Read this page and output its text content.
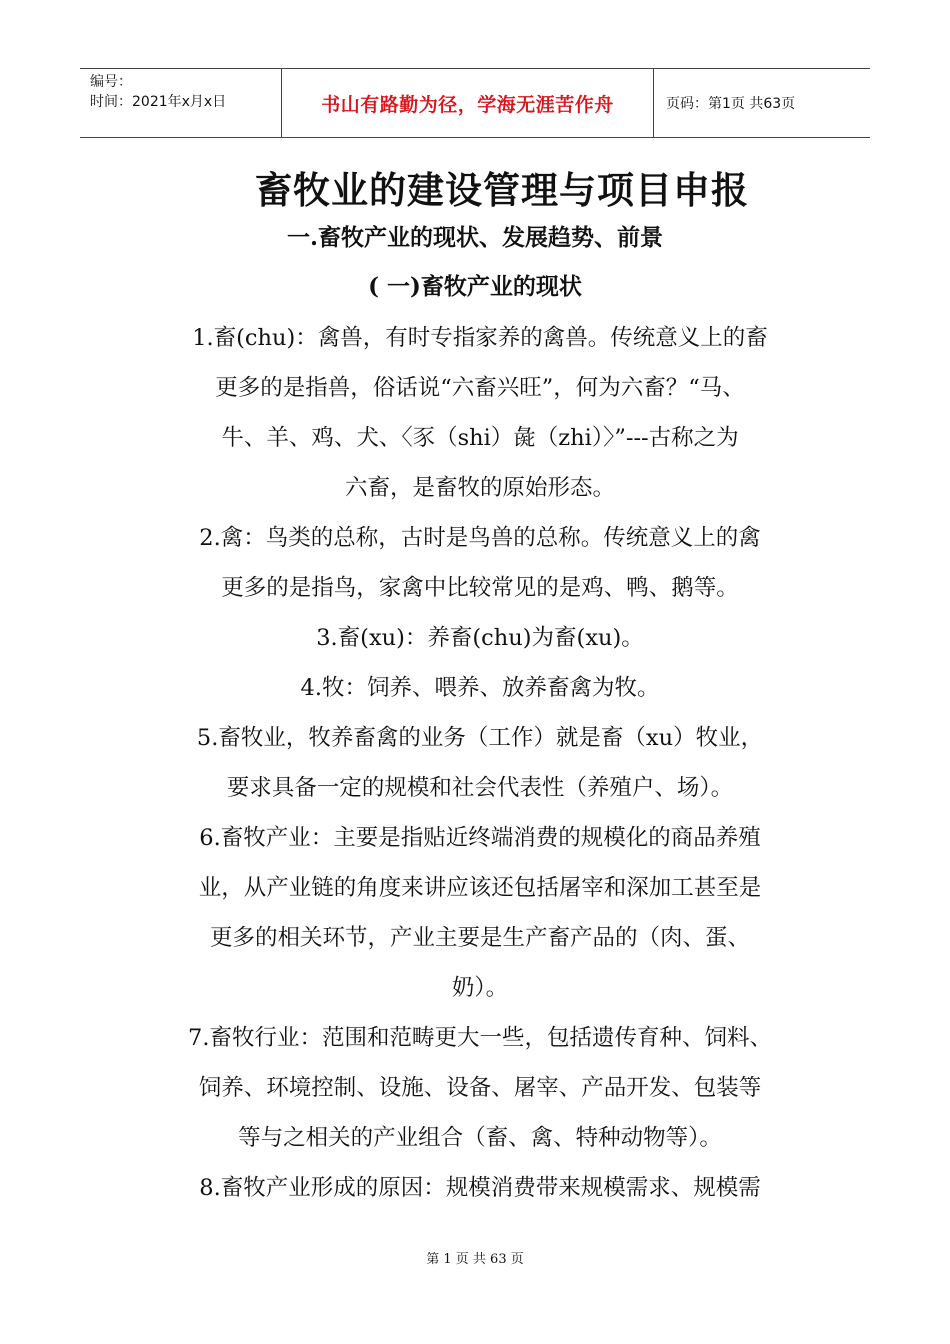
编号：
时间：2021年x月x日	书山有路勤为径，学海无涯苦作舟	页码：第1页 共63页
畜牧业的建设管理与项目申报
一.畜牧产业的现状、发展趋势、前景
( 一)畜牧产业的现状
1.畜(chu)：禽兽，有时专指家养的禽兽。传统意义上的畜
更多的是指兽，俗话说“六畜兴旺”，何为六畜？“马、
牛、羊、鸡、犬、〈豕（shi）彘（zhi）〉”---古称之为
六畜，是畜牧的原始形态。
2.禽：鸟类的总称，古时是鸟兽的总称。传统意义上的禽
更多的是指鸟，家禽中比较常见的是鸡、鸭、鹅等。
3.畜(xu)：养畜(chu)为畜(xu)。
4.牧：饲养、喂养、放养畜禽为牧。
5.畜牧业，牧养畜禽的业务（工作）就是畜（xu）牧业，
要求具备一定的规模和社会代表性（养殖户、场）。
6.畜牧产业：主要是指贴近终端消费的规模化的商品养殖
业，从产业链的角度来讲应该还包括屠宰和深加工甚至是
更多的相关环节，产业主要是生产畜产品的（肉、蛋、
奶）。
7.畜牧行业：范围和范畴更大一些，包括遗传育种、饲料、
饲养、环境控制、设施、设备、屠宰、产品开发、包装等
等与之相关的产业组合（畜、禽、特种动物等）。
8.畜牧产业形成的原因：规模消费带来规模需求、规模需
第 1 页 共 63 页
